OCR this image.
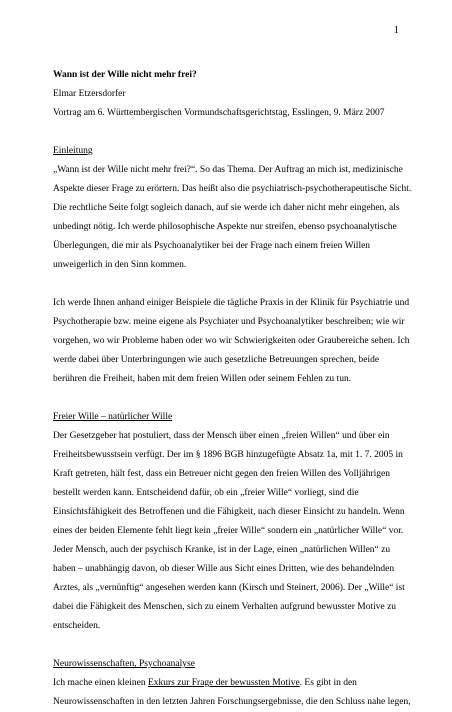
1
Wann ist der Wille nicht mehr frei?
Elmar Etzersdorfer
Vortrag am 6. Württembergischen Vormundschaftsgerichtstag, Esslingen, 9. März 2007
Einleitung
„Wann ist der Wille nicht mehr frei?“. So das Thema. Der Auftrag an mich ist, medizinische
Aspekte dieser Frage zu erörtern. Das heißt also die psychiatrisch-psychotherapeutische Sicht.
Die rechtliche Seite folgt sogleich danach, auf sie werde ich daher nicht mehr eingehen, als
unbedingt nötig. Ich werde philosophische Aspekte nur streifen, ebenso psychoanalytische
Überlegungen, die mir als Psychoanalytiker bei der Frage nach einem freien Willen
unweigerlich in den Sinn kommen.
Ich werde Ihnen anhand einiger Beispiele die tägliche Praxis in der Klinik für Psychiatrie und
Psychotherapie bzw. meine eigene als Psychiater und Psychoanalytiker beschreiben; wie wir
vorgehen, wo wir Probleme haben oder wo wir Schwierigkeiten oder Graubereiche sehen. Ich
werde dabei über Unterbringungen wie auch gesetzliche Betreuungen sprechen, beide
berühren die Freiheit, haben mit dem freien Willen oder seinem Fehlen zu tun.
Freier Wille – natürlicher Wille
Der Gesetzgeber hat postuliert, dass der Mensch über einen „freien Willen“ und über ein
Freiheitsbewusstsein verfügt. Der im § 1896 BGB hinzugefügte Absatz 1a, mit 1. 7. 2005 in
Kraft getreten, hält fest, dass ein Betreuer nicht gegen den freien Willen des Volljährigen
bestellt werden kann. Entscheidend dafür, ob ein „freier Wille“ vorliegt, sind die
Einsichtsfähigkeit des Betroffenen und die Fähigkeit, nach dieser Einsicht zu handeln. Wenn
eines der beiden Elemente fehlt liegt kein „freier Wille“ sondern ein „natürlicher Wille“ vor.
Jeder Mensch, auch der psychisch Kranke, ist in der Lage, einen „natürlichen Willen“ zu
haben – unabhängig davon, ob dieser Wille aus Sicht eines Dritten, wie des behandelnden
Arztes, als „vernünftig“ angesehen werden kann (Kirsch und Steinert, 2006). Der „Wille“ ist
dabei die Fähigkeit des Menschen, sich zu einem Verhalten aufgrund bewusster Motive zu
entscheiden.
Neurowissenschaften, Psychoanalyse
Ich mache einen kleinen Exkurs zur Frage der bewussten Motive. Es gibt in den
Neurowissenschaften in den letzten Jahren Forschungsergebnisse, die den Schluss nahe legen,
